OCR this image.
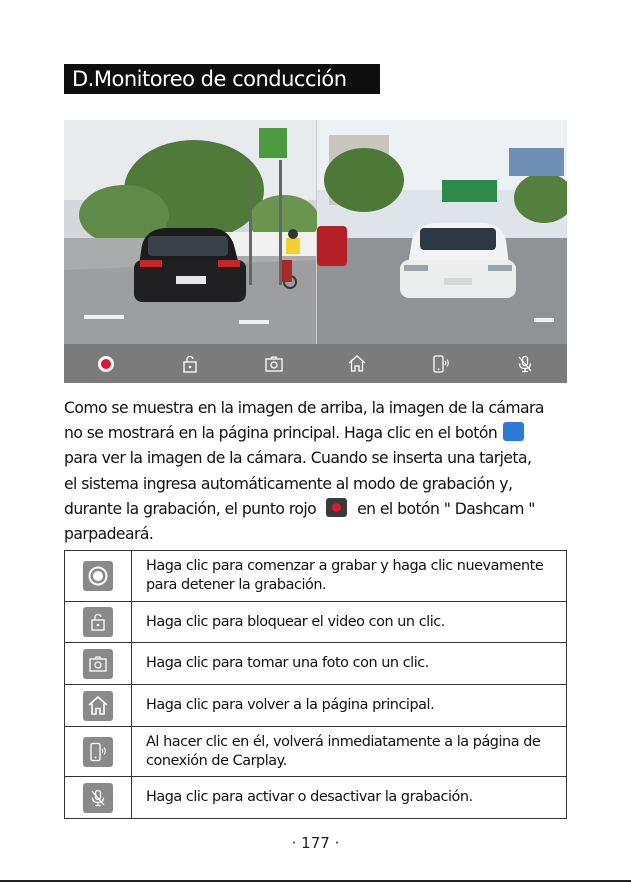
D.Monitoreo de conducción
Como se muestra en la imagen de arriba, la imagen de la cámara
no se mostrará en la página principal. Haga clic en el botón
para ver la imagen de la cámara. Cuando se inserta una tarjeta,
el sistema ingresa automáticamente al modo de grabación y,
durante la grabación, el punto rojo	en el botón " Dashcam "
parpadeará.

Haga clic para comenzar a grabar y haga clic nuevamente
para detener la grabación.

Haga clic para bloquear el video con un clic.

Haga clic para tomar una foto con un clic.

Haga clic para volver a la página principal.

Al hacer clic en él, volverá inmediatamente a la página de
conexión de Carplay.

Haga clic para activar o desactivar la grabación.
· 177 ·
